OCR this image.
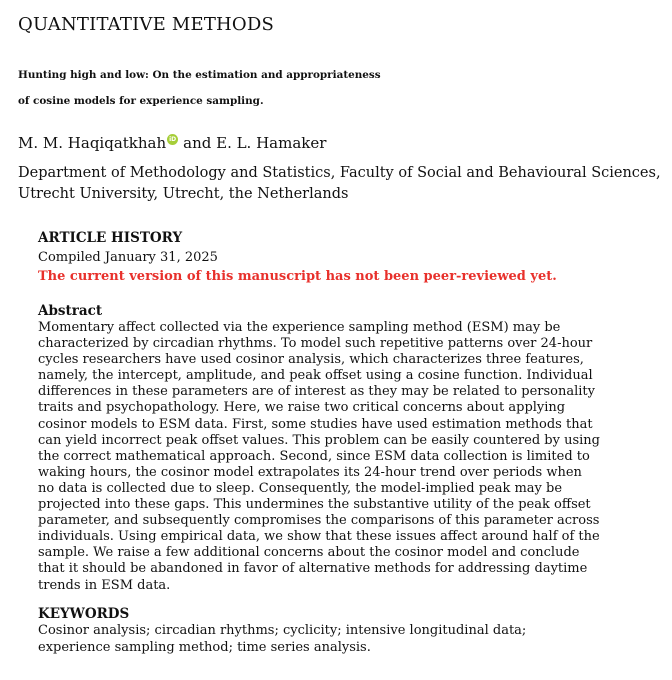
QUANTITATIVE METHODS
Hunting high and low: On the estimation and appropriateness
of cosine models for experience sampling.
M. M. Haqiqatkhah iD and E. L. Hamaker
Department of Methodology and Statistics, Faculty of Social and Behavioural Sciences,
Utrecht University, Utrecht, the Netherlands
ARTICLE HISTORY
Compiled January 31, 2025
The current version of this manuscript has not been peer-reviewed yet.
Abstract
Momentary affect collected via the experience sampling method (ESM) may be
characterized by circadian rhythms. To model such repetitive patterns over 24-hour
cycles researchers have used cosinor analysis, which characterizes three features,
namely, the intercept, amplitude, and peak offset using a cosine function. Individual
differences in these parameters are of interest as they may be related to personality
traits and psychopathology. Here, we raise two critical concerns about applying
cosinor models to ESM data. First, some studies have used estimation methods that
can yield incorrect peak offset values. This problem can be easily countered by using
the correct mathematical approach. Second, since ESM data collection is limited to
waking hours, the cosinor model extrapolates its 24-hour trend over periods when
no data is collected due to sleep. Consequently, the model-implied peak may be
projected into these gaps. This undermines the substantive utility of the peak offset
parameter, and subsequently compromises the comparisons of this parameter across
individuals. Using empirical data, we show that these issues affect around half of the
sample. We raise a few additional concerns about the cosinor model and conclude
that it should be abandoned in favor of alternative methods for addressing daytime
trends in ESM data.
KEYWORDS
Cosinor analysis; circadian rhythms; cyclicity; intensive longitudinal data;
experience sampling method; time series analysis.
